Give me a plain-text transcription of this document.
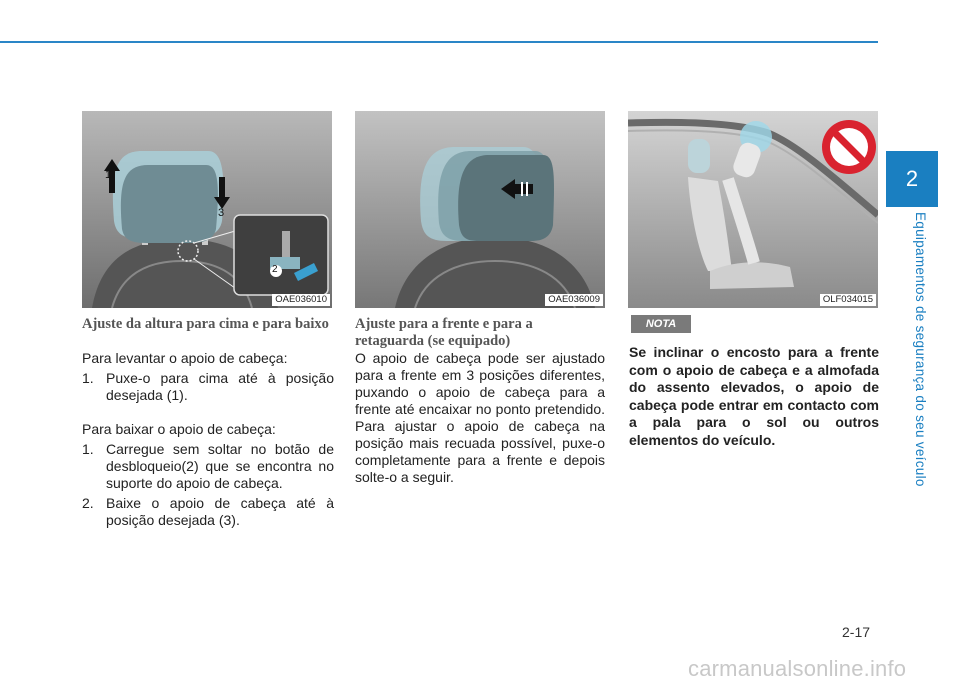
2
Equipamentos de segurança do seu veículo
1
3
2
OAE036010	OAE036009	OLF034015
Ajuste da altura para cima e para baixo

Para levantar o apoio de cabeça:

1. Puxe-o para cima até à posição desejada (1).

Para baixar o apoio de cabeça:

1. Carregue sem soltar no botão de desbloqueio(2) que se encontra no suporte do apoio de cabeça.
2. Baixe o apoio de cabeça até à posição desejada (3).
Ajuste para a frente e para a retaguarda (se equipado)

O apoio de cabeça pode ser ajustado para a frente em 3 posições diferentes, puxando o apoio de cabeça para a frente até encaixar no ponto pretendido. Para ajustar o apoio de cabeça na posição mais recuada possível, puxe-o completamente para a frente e depois solte-o a seguir.

NOTA
Se inclinar o encosto para a frente com o apoio de cabeça e a almofada do assento elevados, o apoio de cabeça pode entrar em contacto com a pala para o sol ou outros elementos do veículo.
2-17
carmanualsonline.info
